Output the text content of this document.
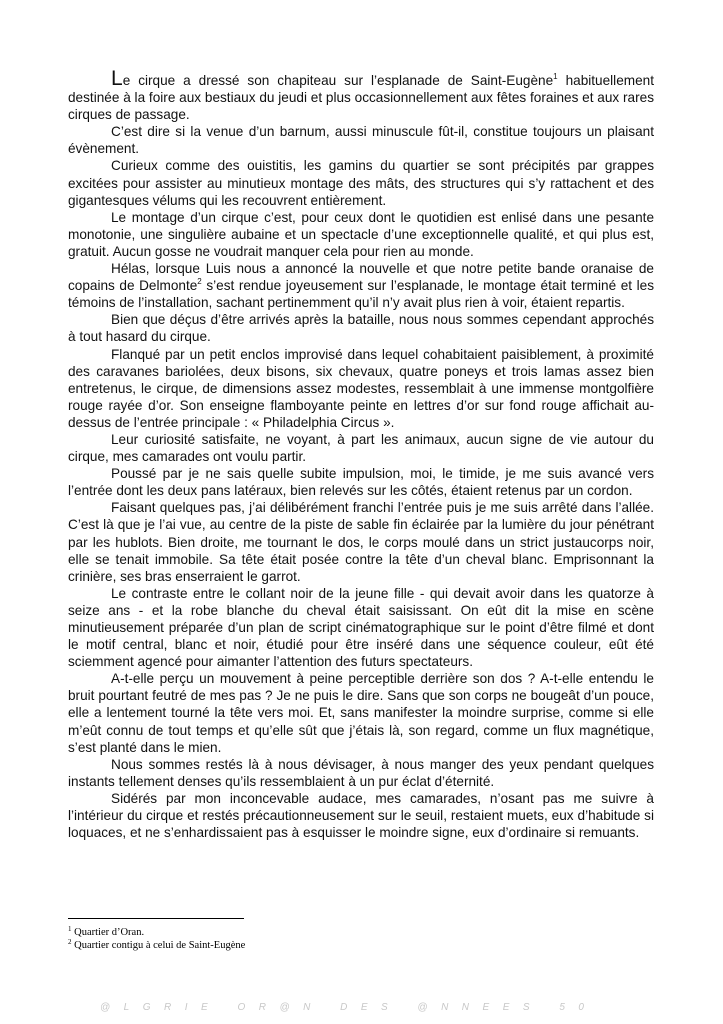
Le cirque a dressé son chapiteau sur l’esplanade de Saint-Eugène$^1$ habituellement destinée à la foire aux bestiaux du jeudi et plus occasionnellement aux fêtes foraines et aux rares cirques de passage.

C’est dire si la venue d’un barnum, aussi minuscule fût-il, constitue toujours un plaisant évènement.

Curieux comme des ouistitis, les gamins du quartier se sont précipités par grappes excitées pour assister au minutieux montage des mâts, des structures qui s’y rattachent et des gigantesques vélums qui les recouvrent entièrement.

Le montage d’un cirque c’est, pour ceux dont le quotidien est enlisé dans une pesante monotonie, une singulière aubaine et un spectacle d’une exceptionnelle qualité, et qui plus est, gratuit. Aucun gosse ne voudrait manquer cela pour rien au monde.

Hélas, lorsque Luis nous a annoncé la nouvelle et que notre petite bande oranaise de copains de Delmonte$^2$ s’est rendue joyeusement sur l’esplanade, le montage était terminé et les témoins de l’installation, sachant pertinemment qu’il n’y avait plus rien à voir, étaient repartis.

Bien que déçus d’être arrivés après la bataille, nous nous sommes cependant approchés à tout hasard du cirque.

Flanqué par un petit enclos improvisé dans lequel cohabitaient paisiblement, à proximité des caravanes bariolées, deux bisons, six chevaux, quatre poneys et trois lamas assez bien entretenus, le cirque, de dimensions assez modestes, ressemblait à une immense montgolfière rouge rayée d’or. Son enseigne flamboyante peinte en lettres d’or sur fond rouge affichait au-dessus de l’entrée principale : « Philadelphia Circus ».

Leur curiosité satisfaite, ne voyant, à part les animaux, aucun signe de vie autour du cirque, mes camarades ont voulu partir.

Poussé par je ne sais quelle subite impulsion, moi, le timide, je me suis avancé vers l’entrée dont les deux pans latéraux, bien relevés sur les côtés, étaient retenus par un cordon.

Faisant quelques pas, j’ai délibérément franchi l’entrée puis je me suis arrêté dans l’allée. C’est là que je l’ai vue, au centre de la piste de sable fin éclairée par la lumière du jour pénétrant par les hublots. Bien droite, me tournant le dos, le corps moulé dans un strict justaucorps noir, elle se tenait immobile. Sa tête était posée contre la tête d’un cheval blanc. Emprisonnant la crinière, ses bras enserraient le garrot.

Le contraste entre le collant noir de la jeune fille - qui devait avoir dans les quatorze à seize ans - et la robe blanche du cheval était saisissant. On eût dit la mise en scène minutieusement préparée d’un plan de script cinématographique sur le point d’être filmé et dont le motif central, blanc et noir, étudié pour être inséré dans une séquence couleur, eût été sciemment agencé pour aimanter l’attention des futurs spectateurs.

A-t-elle perçu un mouvement à peine perceptible derrière son dos ? A-t-elle entendu le bruit pourtant feutré de mes pas ? Je ne puis le dire. Sans que son corps ne bougeât d’un pouce, elle a lentement tourné la tête vers moi. Et, sans manifester la moindre surprise, comme si elle m’eût connu de tout temps et qu’elle sût que j’étais là, son regard, comme un flux magnétique, s’est planté dans le mien.

Nous sommes restés là à nous dévisager, à nous manger des yeux pendant quelques instants tellement denses qu’ils ressemblaient à un pur éclat d’éternité.

Sidérés par mon inconcevable audace, mes camarades, n’osant pas me suivre à l’intérieur du cirque et restés précautionneusement sur le seuil, restaient muets, eux d’habitude si loquaces, et ne s’enhardissaient pas à esquisser le moindre signe, eux d’ordinaire si remuants.

$^1$ Quartier d’Oran.
$^2$ Quartier contigu à celui de Saint-Eugène
@LGRIE OR@N DES @NNEES 50
